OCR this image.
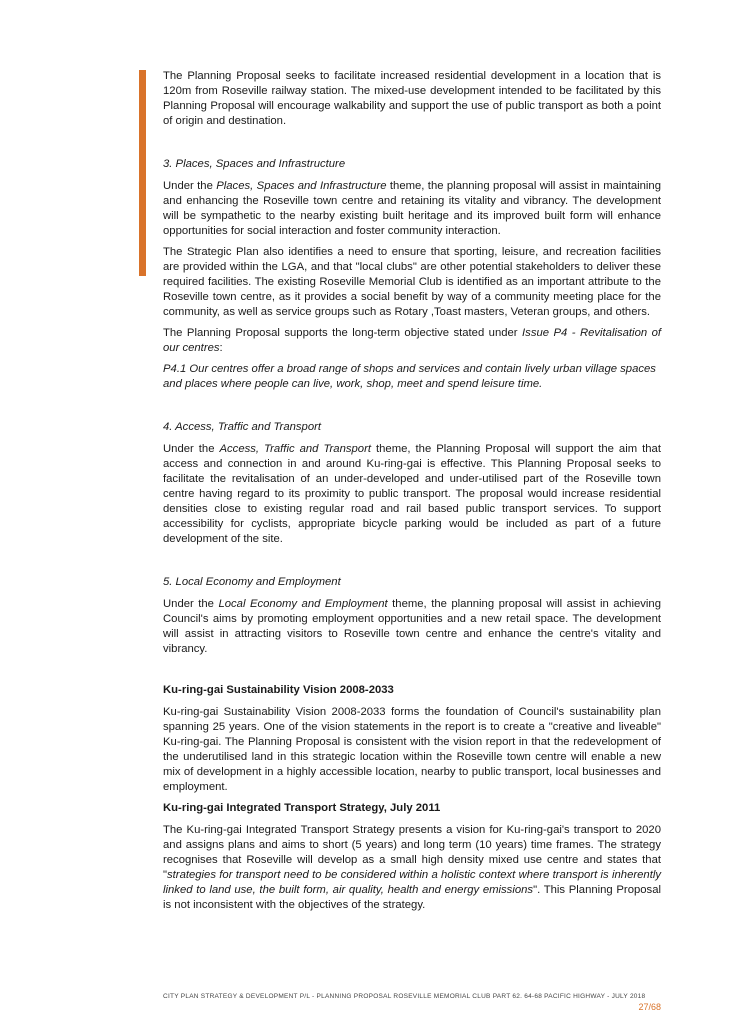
The Planning Proposal seeks to facilitate increased residential development in a location that is 120m from Roseville railway station. The mixed-use development intended to be facilitated by this Planning Proposal will encourage walkability and support the use of public transport as both a point of origin and destination.

3. Places, Spaces and Infrastructure

Under the Places, Spaces and Infrastructure theme, the planning proposal will assist in maintaining and enhancing the Roseville town centre and retaining its vitality and vibrancy. The development will be sympathetic to the nearby existing built heritage and its improved built form will enhance opportunities for social interaction and foster community interaction.

The Strategic Plan also identifies a need to ensure that sporting, leisure, and recreation facilities are provided within the LGA, and that "local clubs" are other potential stakeholders to deliver these required facilities. The existing Roseville Memorial Club is identified as an important attribute to the Roseville town centre, as it provides a social benefit by way of a community meeting place for the community, as well as service groups such as Rotary ,Toast masters, Veteran groups, and others.

The Planning Proposal supports the long-term objective stated under Issue P4 - Revitalisation of our centres:

P4.1 Our centres offer a broad range of shops and services and contain lively urban village spaces and places where people can live, work, shop, meet and spend leisure time.

4. Access, Traffic and Transport

Under the Access, Traffic and Transport theme, the Planning Proposal will support the aim that access and connection in and around Ku-ring-gai is effective. This Planning Proposal seeks to facilitate the revitalisation of an under-developed and under-utilised part of the Roseville town centre having regard to its proximity to public transport. The proposal would increase residential densities close to existing regular road and rail based public transport services. To support accessibility for cyclists, appropriate bicycle parking would be included as part of a future development of the site.

5. Local Economy and Employment

Under the Local Economy and Employment theme, the planning proposal will assist in achieving Council's aims by promoting employment opportunities and a new retail space. The development will assist in attracting visitors to Roseville town centre and enhance the centre's vitality and vibrancy.

Ku-ring-gai Sustainability Vision 2008-2033

Ku-ring-gai Sustainability Vision 2008-2033 forms the foundation of Council's sustainability plan spanning 25 years. One of the vision statements in the report is to create a "creative and liveable" Ku-ring-gai. The Planning Proposal is consistent with the vision report in that the redevelopment of the underutilised land in this strategic location within the Roseville town centre will enable a new mix of development in a highly accessible location, nearby to public transport, local businesses and employment.

Ku-ring-gai Integrated Transport Strategy, July 2011

The Ku-ring-gai Integrated Transport Strategy presents a vision for Ku-ring-gai's transport to 2020 and assigns plans and aims to short (5 years) and long term (10 years) time frames. The strategy recognises that Roseville will develop as a small high density mixed use centre and states that "strategies for transport need to be considered within a holistic context where transport is inherently linked to land use, the built form, air quality, health and energy emissions". This Planning Proposal is not inconsistent with the objectives of the strategy.

CITY PLAN STRATEGY & DEVELOPMENT P/L - PLANNING PROPOSAL ROSEVILLE MEMORIAL CLUB PART 62. 64-68 PACIFIC HIGHWAY - JULY 2018
27/68
